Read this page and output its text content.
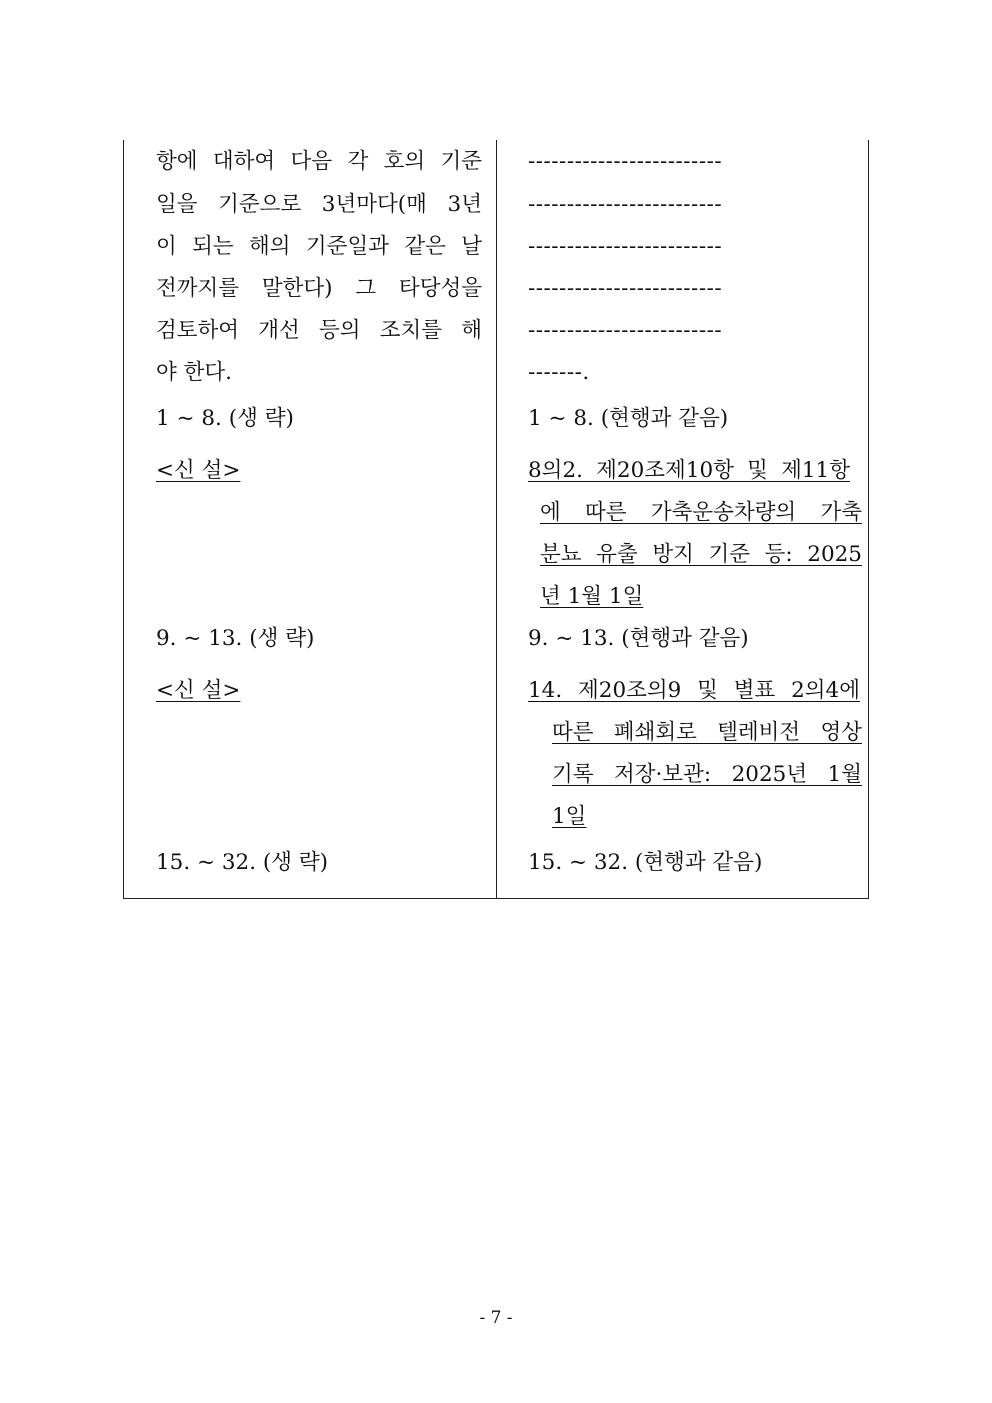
항에 대하여 다음 각 호의 기준
일을 기준으로 3년마다(매 3년
이 되는 해의 기준일과 같은 날
전까지를 말한다) 그 타당성을
검토하여 개선 등의 조치를 해
야 한다.
1 ~ 8. (생 략)
<신 설>
9. ~ 13. (생 략)
<신 설>
15. ~ 32. (생 략)
-------------------------
-------------------------
-------------------------
-------------------------
-------------------------
-------.
1 ~ 8. (현행과 같음)
8의2. 제20조제10항 및 제11항
에 따른 가축운송차량의 가축
분뇨 유출 방지 기준 등: 2025
년 1월 1일
9. ~ 13. (현행과 같음)
14. 제20조의9 및 별표 2의4에
따른 폐쇄회로 텔레비전 영상
기록 저장·보관: 2025년 1월
1일
15. ~ 32. (현행과 같음)
- 7 -
